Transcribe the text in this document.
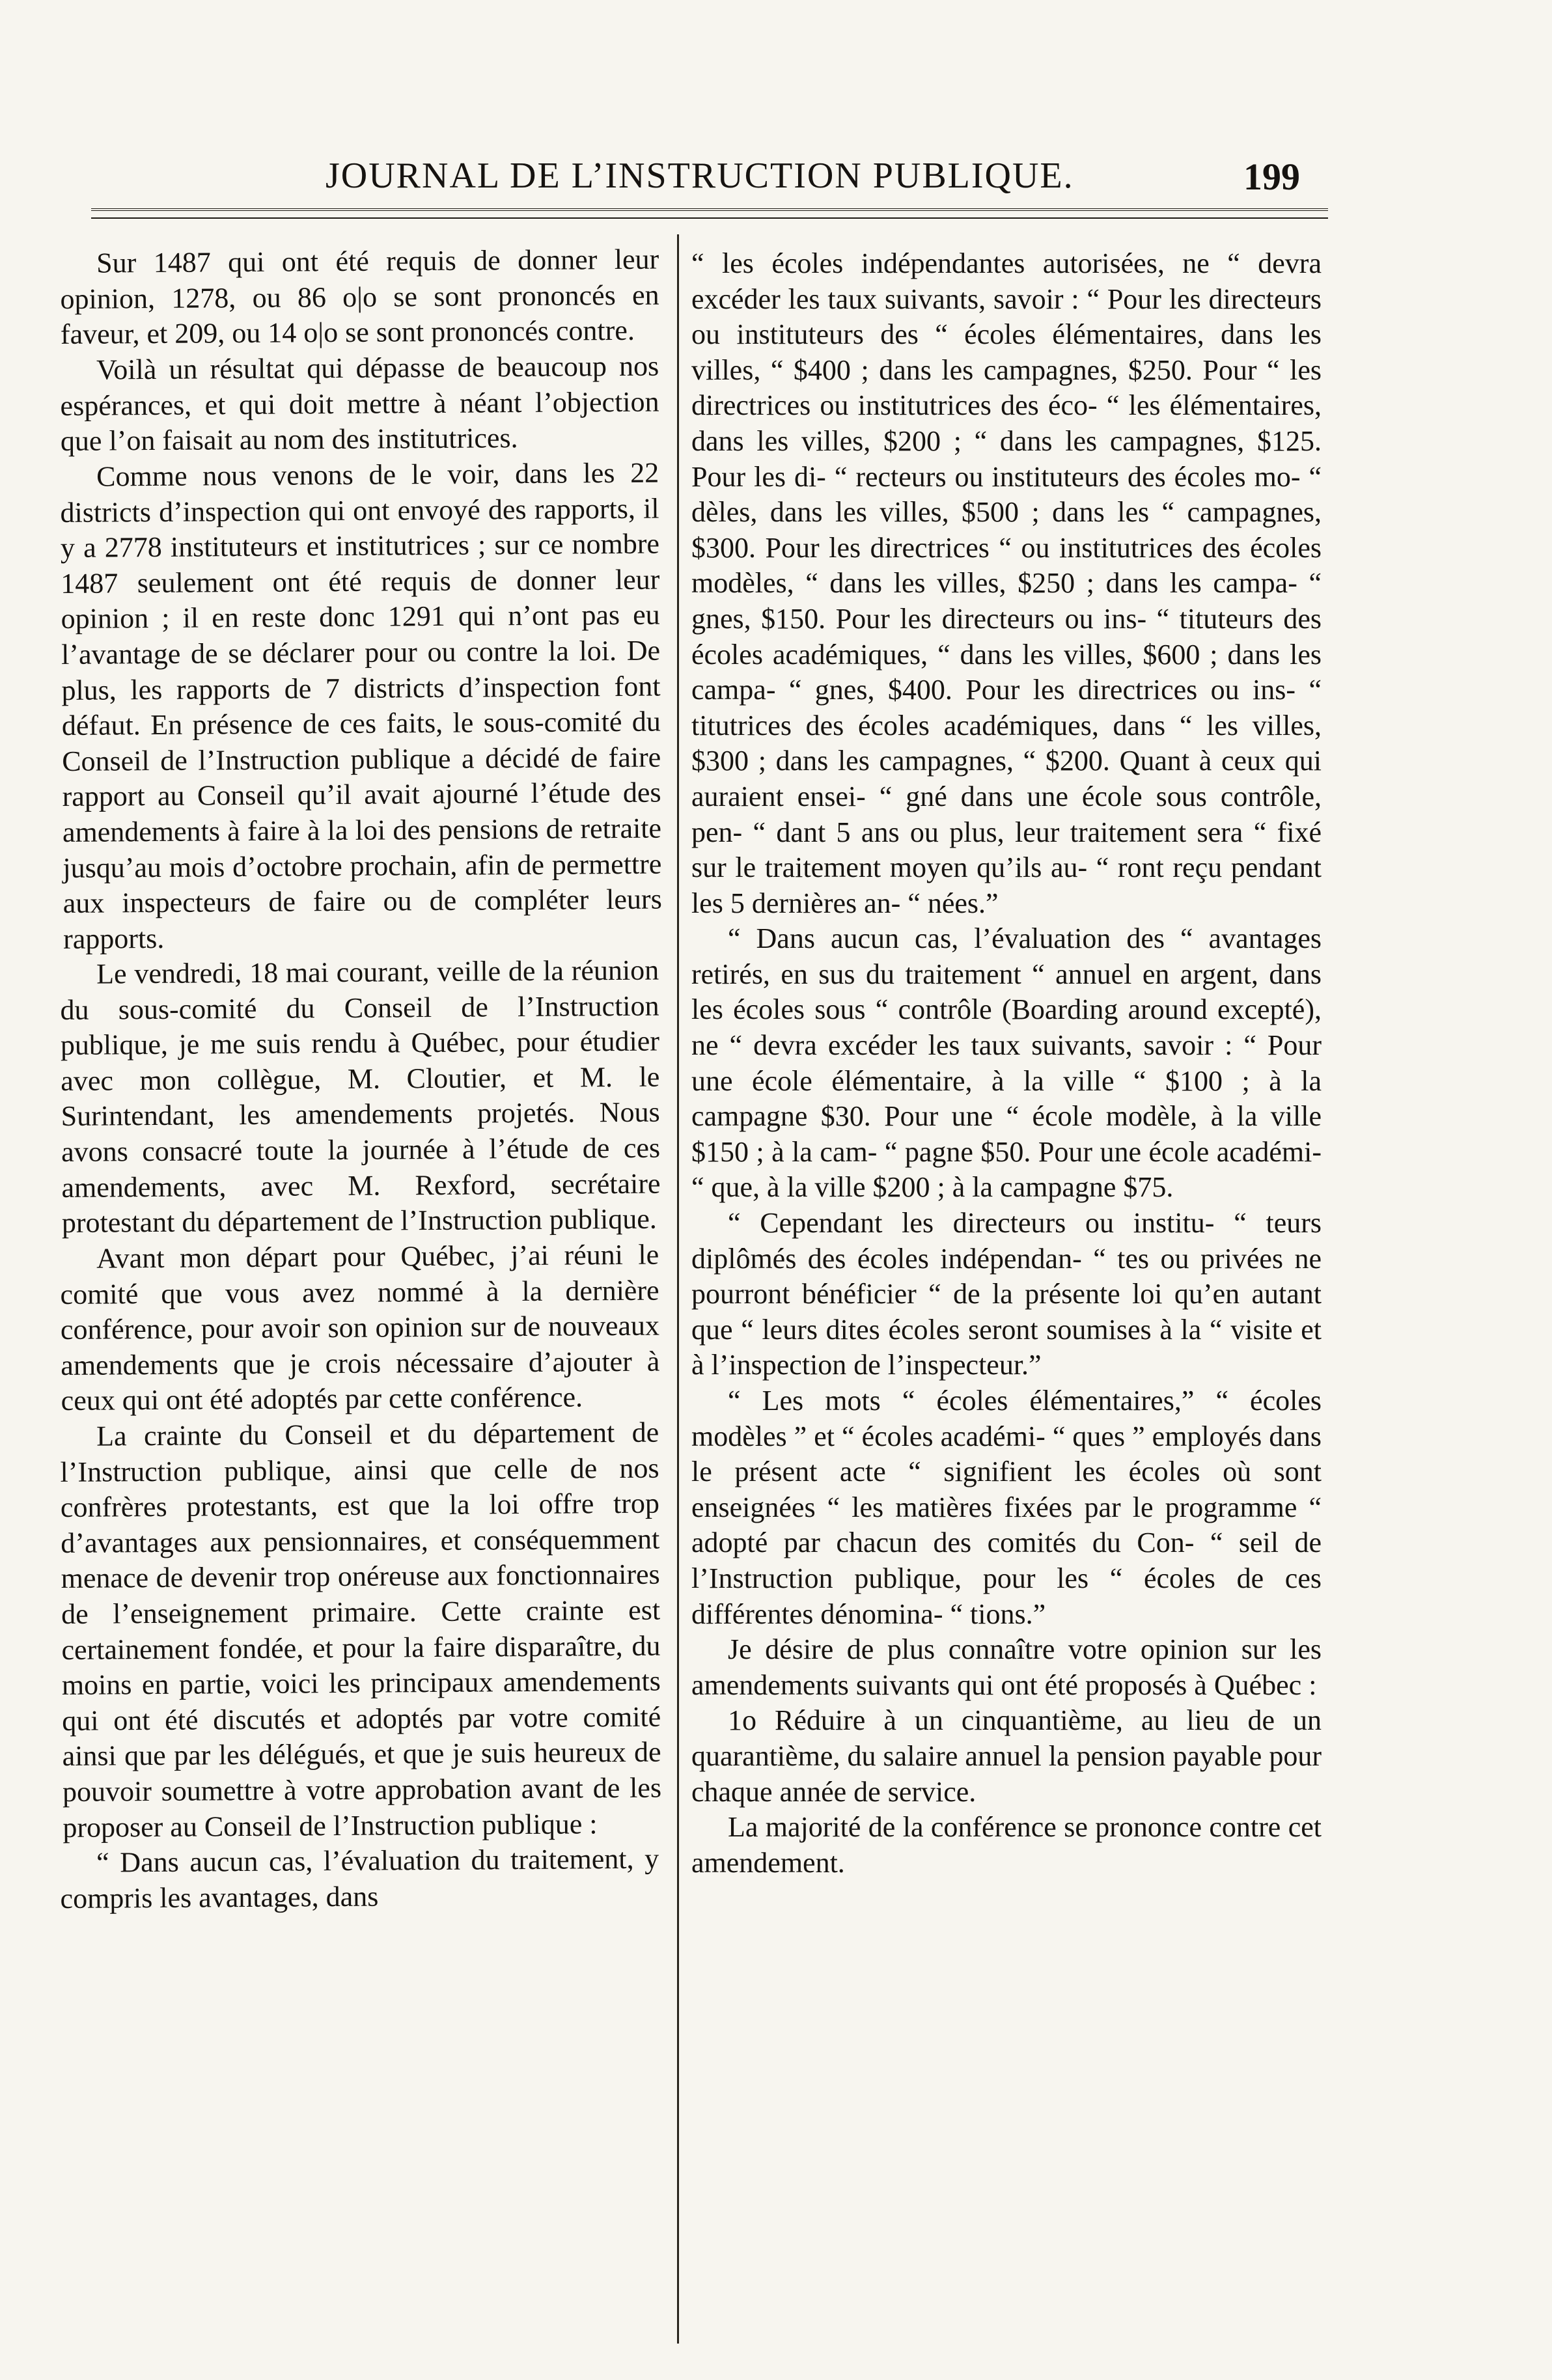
JOURNAL DE L’INSTRUCTION PUBLIQUE.	199

Sur 1487 qui ont été requis de donner leur opinion, 1278, ou 86 o|o se sont prononcés en faveur, et 209, ou 14 o|o se sont prononcés contre.

Voilà un résultat qui dépasse de beaucoup nos espérances, et qui doit mettre à néant l’objection que l’on faisait au nom des institutrices.

Comme nous venons de le voir, dans les 22 districts d’inspection qui ont envoyé des rapports, il y a 2778 instituteurs et institutrices ; sur ce nombre 1487 seulement ont été requis de donner leur opinion ; il en reste donc 1291 qui n’ont pas eu l’avantage de se déclarer pour ou contre la loi. De plus, les rapports de 7 districts d’inspection font défaut. En présence de ces faits, le sous-comité du Conseil de l’Instruction publique a décidé de faire rapport au Conseil qu’il avait ajourné l’étude des amendements à faire à la loi des pensions de retraite jusqu’au mois d’octobre prochain, afin de permettre aux inspecteurs de faire ou de compléter leurs rapports.

Le vendredi, 18 mai courant, veille de la réunion du sous-comité du Conseil de l’Instruction publique, je me suis rendu à Québec, pour étudier avec mon collègue, M. Cloutier, et M. le Surintendant, les amendements projetés. Nous avons consacré toute la journée à l’étude de ces amendements, avec M. Rexford, secrétaire protestant du département de l’Instruction publique.

Avant mon départ pour Québec, j’ai réuni le comité que vous avez nommé à la dernière conférence, pour avoir son opinion sur de nouveaux amendements que je crois nécessaire d’ajouter à ceux qui ont été adoptés par cette conférence.

La crainte du Conseil et du département de l’Instruction publique, ainsi que celle de nos confrères protestants, est que la loi offre trop d’avantages aux pensionnaires, et conséquemment menace de devenir trop onéreuse aux fonctionnaires de l’enseignement primaire. Cette crainte est certainement fondée, et pour la faire disparaître, du moins en partie, voici les principaux amendements qui ont été discutés et adoptés par votre comité ainsi que par les délégués, et que je suis heureux de pouvoir soumettre à votre approbation avant de les proposer au Conseil de l’Instruction publique :

“ Dans aucun cas, l’évaluation du traitement, y compris les avantages, dans

“ les écoles indépendantes autorisées, ne “ devra excéder les taux suivants, savoir : “ Pour les directeurs ou instituteurs des “ écoles élémentaires, dans les villes, “ $400 ; dans les campagnes, $250. Pour “ les directrices ou institutrices des éco- “ les élémentaires, dans les villes, $200 ; “ dans les campagnes, $125. Pour les di- “ recteurs ou instituteurs des écoles mo- “ dèles, dans les villes, $500 ; dans les “ campagnes, $300. Pour les directrices “ ou institutrices des écoles modèles, “ dans les villes, $250 ; dans les campa- “ gnes, $150. Pour les directeurs ou ins- “ tituteurs des écoles académiques, “ dans les villes, $600 ; dans les campa- “ gnes, $400. Pour les directrices ou ins- “ titutrices des écoles académiques, dans “ les villes, $300 ; dans les campagnes, “ $200. Quant à ceux qui auraient ensei- “ gné dans une école sous contrôle, pen- “ dant 5 ans ou plus, leur traitement sera “ fixé sur le traitement moyen qu’ils au- “ ront reçu pendant les 5 dernières an- “ nées.”

“ Dans aucun cas, l’évaluation des “ avantages retirés, en sus du traitement “ annuel en argent, dans les écoles sous “ contrôle (Boarding around excepté), ne “ devra excéder les taux suivants, savoir : “ Pour une école élémentaire, à la ville “ $100 ; à la campagne $30. Pour une “ école modèle, à la ville $150 ; à la cam- “ pagne $50. Pour une école académi- “ que, à la ville $200 ; à la campagne $75.

“ Cependant les directeurs ou institu- “ teurs diplômés des écoles indépendan- “ tes ou privées ne pourront bénéficier “ de la présente loi qu’en autant que “ leurs dites écoles seront soumises à la “ visite et à l’inspection de l’inspecteur.”

“ Les mots “ écoles élémentaires,” “ écoles modèles ” et “ écoles académi- “ ques ” employés dans le présent acte “ signifient les écoles où sont enseignées “ les matières fixées par le programme “ adopté par chacun des comités du Con- “ seil de l’Instruction publique, pour les “ écoles de ces différentes dénomina- “ tions.”

Je désire de plus connaître votre opinion sur les amendements suivants qui ont été proposés à Québec :

1o Réduire à un cinquantième, au lieu de un quarantième, du salaire annuel la pension payable pour chaque année de service.

La majorité de la conférence se prononce contre cet amendement.
